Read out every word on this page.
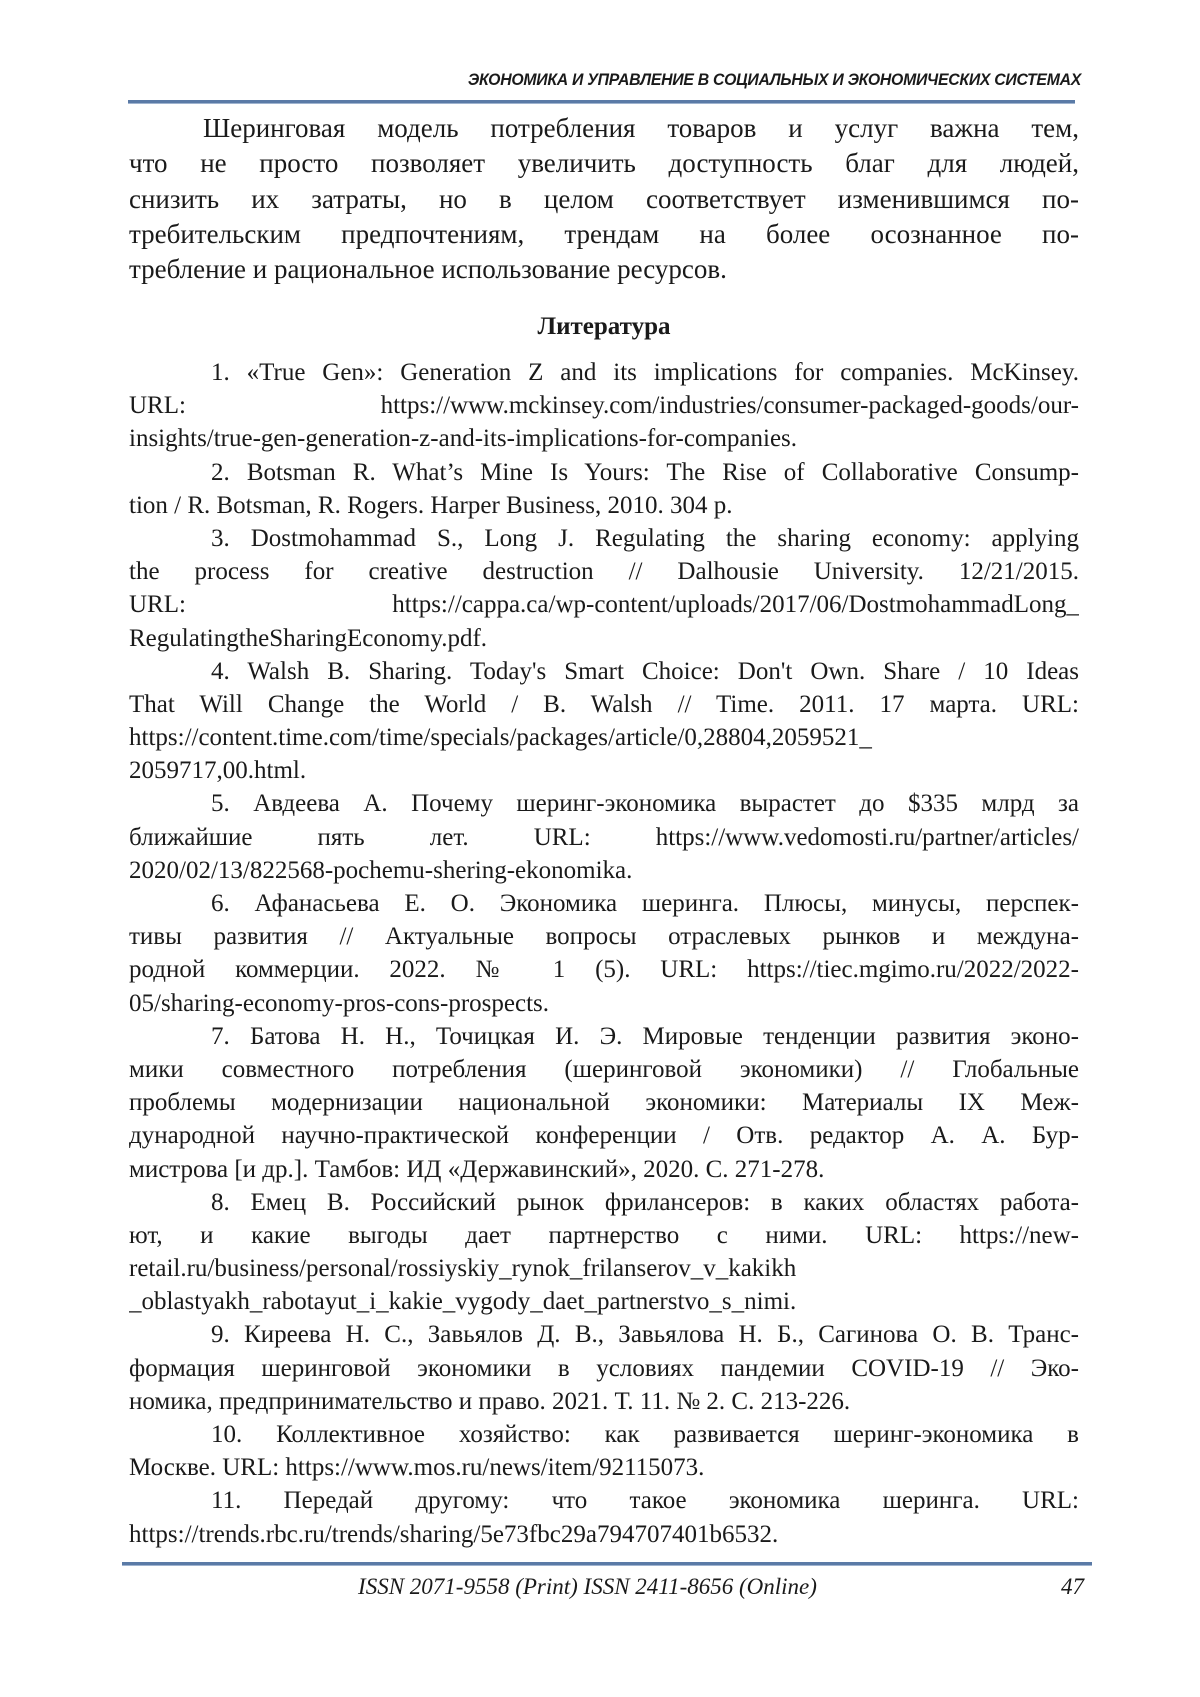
ЭКОНОМИКА И УПРАВЛЕНИЕ В СОЦИАЛЬНЫХ И ЭКОНОМИЧЕСКИХ СИСТЕМАХ
Шеринговая модель потребления товаров и услуг важна тем,
что не просто позволяет увеличить доступность благ для людей,
снизить их затраты, но в целом соответствует изменившимся по-
требительским предпочтениям, трендам на более осознанное по-
требление и рациональное использование ресурсов.
Литература
1. «True Gen»: Generation Z and its implications for companies. McKinsey.
URL: https://www.mckinsey.com/industries/consumer-packaged-goods/our-
insights/true-gen-generation-z-and-its-implications-for-companies.
2. Botsman R. What’s Mine Is Yours: The Rise of Collaborative Consump-
tion / R. Botsman, R. Rogers. Harper Business, 2010. 304 p.
3. Dostmohammad S., Long J. Regulating the sharing economy: applying
the process for creative destruction // Dalhousie University. 12/21/2015.
URL: https://cappa.ca/wp-content/uploads/2017/06/DostmohammadLong_
RegulatingtheSharingEconomy.pdf.
4. Walsh B. Sharing. Today's Smart Choice: Don't Own. Share / 10 Ideas
That Will Change the World / B. Walsh // Time. 2011. 17 марта. URL:
https://content.time.com/time/specials/packages/article/0,28804,2059521_
2059717,00.html.
5. Авдеева А. Почему шеринг-экономика вырастет до $335 млрд за
ближайшие пять лет. URL: https://www.vedomosti.ru/partner/articles/
2020/02/13/822568-pochemu-shering-ekonomika.
6. Афанасьева Е. О. Экономика шеринга. Плюсы, минусы, перспек-
тивы развития // Актуальные вопросы отраслевых рынков и междуна-
родной коммерции. 2022. № 1 (5). URL: https://tiec.mgimo.ru/2022/2022-
05/sharing-economy-pros-cons-prospects.
7. Батова Н. Н., Точицкая И. Э. Мировые тенденции развития эконо-
мики совместного потребления (шеринговой экономики) // Глобальные
проблемы модернизации национальной экономики: Материалы IX Меж-
дународной научно-практической конференции / Отв. редактор А. А. Бур-
мистрова [и др.]. Тамбов: ИД «Державинский», 2020. С. 271-278.
8. Емец В. Российский рынок фрилансеров: в каких областях работа-
ют, и какие выгоды дает партнерство с ними. URL: https://new-
retail.ru/business/personal/rossiyskiy_rynok_frilanserov_v_kakikh
_oblastyakh_rabotayut_i_kakie_vygody_daet_partnerstvo_s_nimi.
9. Киреева Н. С., Завьялов Д. В., Завьялова Н. Б., Сагинова О. В. Транс-
формация шеринговой экономики в условиях пандемии COVID-19 // Эко-
номика, предпринимательство и право. 2021. Т. 11. № 2. С. 213-226.
10. Коллективное хозяйство: как развивается шеринг-экономика в
Москве. URL: https://www.mos.ru/news/item/92115073.
11. Передай другому: что такое экономика шеринга. URL:
https://trends.rbc.ru/trends/sharing/5e73fbc29a794707401b6532.
ISSN 2071-9558 (Print) ISSN 2411-8656 (Online)	47
